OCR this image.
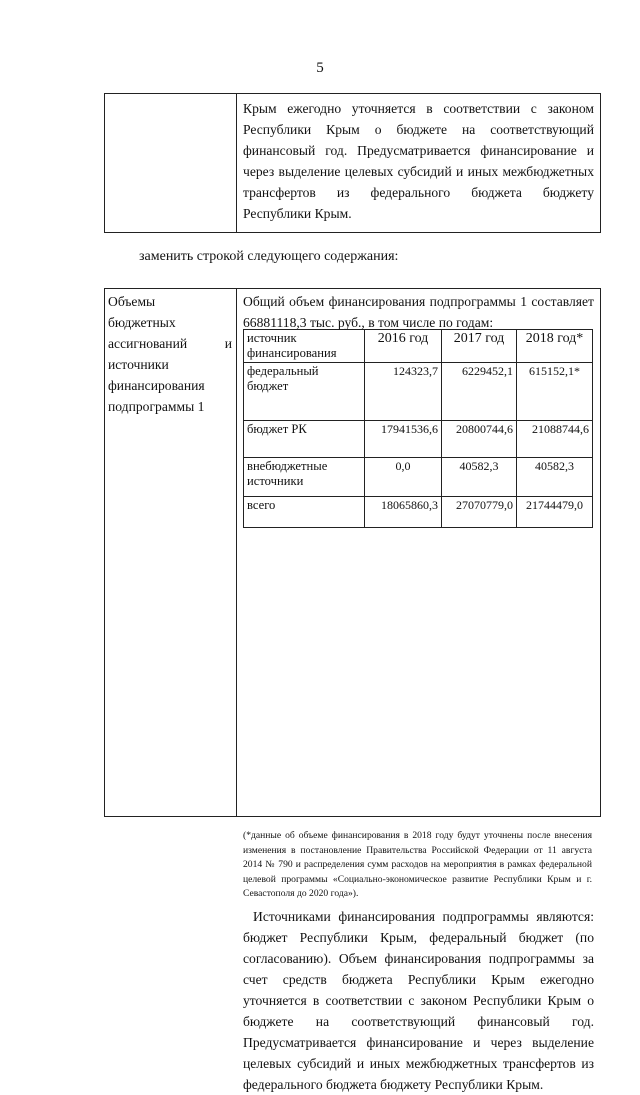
5
Крым ежегодно уточняется в соответствии с законом Республики Крым о бюджете на соответствующий финансовый год. Предусматривается финансирование и через выделение целевых субсидий и иных межбюджетных трансфертов из федерального бюджета бюджету Республики Крым.
заменить строкой следующего содержания:
Объемы
бюджетных
ассигнований	и
источники
финансирования
подпрограммы 1
Общий объем финансирования подпрограммы 1 составляет 66881118,3 тыс. руб., в том числе по годам:
источник финансирования	2016 год	2017 год	2018 год*
федеральный бюджет	124323,7	6229452,1	615152,1*
бюджет РК	17941536,6	20800744,6	21088744,6
внебюджетные источники	0,0	40582,3	40582,3
всего	18065860,3	27070779,0	21744479,0
(*данные об объеме финансирования в 2018 году будут уточнены после внесения изменения в постановление Правительства Российской Федерации от 11 августа 2014 № 790 и распределения сумм расходов на мероприятия в рамках федеральной целевой программы «Социально-экономическое развитие Республики Крым и г. Севастополя до 2020 года»).
Источниками финансирования подпрограммы являются: бюджет Республики Крым, федеральный бюджет (по согласованию). Объем финансирования подпрограммы за счет средств бюджета Республики Крым ежегодно уточняется в соответствии с законом Республики Крым о бюджете на соответствующий финансовый год. Предусматривается финансирование и через выделение целевых субсидий и иных межбюджетных трансфертов из федерального бюджета бюджету Республики Крым.
